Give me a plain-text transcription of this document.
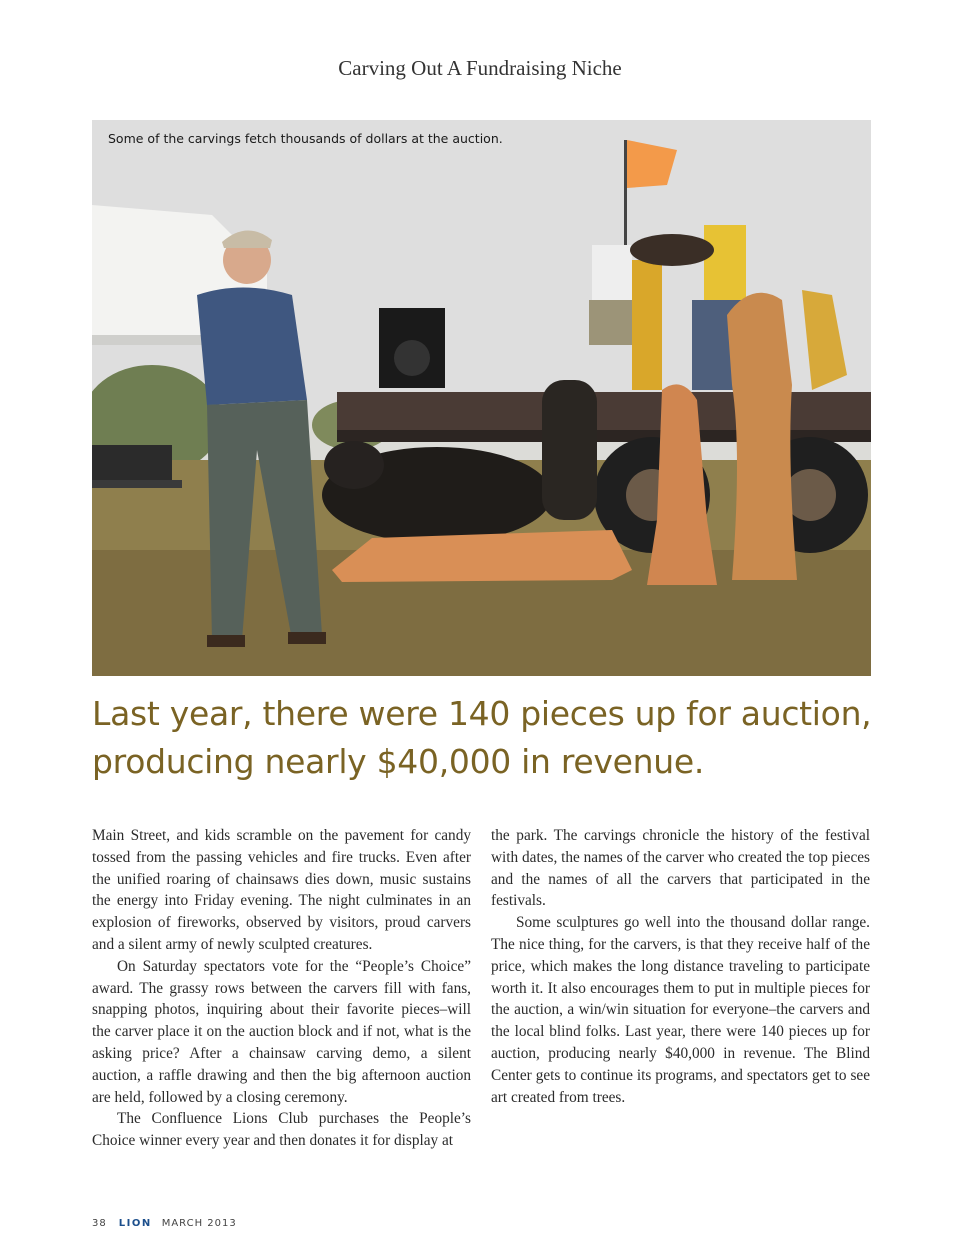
Carving Out A Fundraising Niche
Some of the carvings fetch thousands of dollars at the auction.
Last year, there were 140 pieces up for auction,
producing nearly $40,000 in revenue.

Main Street, and kids scramble on the pavement for candy tossed from the passing vehicles and fire trucks. Even after the unified roaring of chainsaws dies down, music sustains the energy into Friday evening. The night culminates in an explosion of fireworks, observed by visitors, proud carvers and a silent army of newly sculpted creatures.

On Saturday spectators vote for the “People’s Choice” award. The grassy rows between the carvers fill with fans, snapping photos, inquiring about their favorite pieces–will the carver place it on the auction block and if not, what is the asking price? After a chainsaw carving demo, a silent auction, a raffle drawing and then the big afternoon auction are held, followed by a closing ceremony.

The Confluence Lions Club purchases the People’s Choice winner every year and then donates it for display at

the park. The carvings chronicle the history of the festival with dates, the names of the carver who created the top pieces and the names of all the carvers that participated in the festivals.

Some sculptures go well into the thousand dollar range. The nice thing, for the carvers, is that they receive half of the price, which makes the long distance traveling to participate worth it. It also encourages them to put in multiple pieces for the auction, a win/win situation for everyone–the carvers and the local blind folks. Last year, there were 140 pieces up for auction, producing nearly $40,000 in revenue. The Blind Center gets to continue its programs, and spectators get to see art created from trees.

38 LION MARCH 2013
